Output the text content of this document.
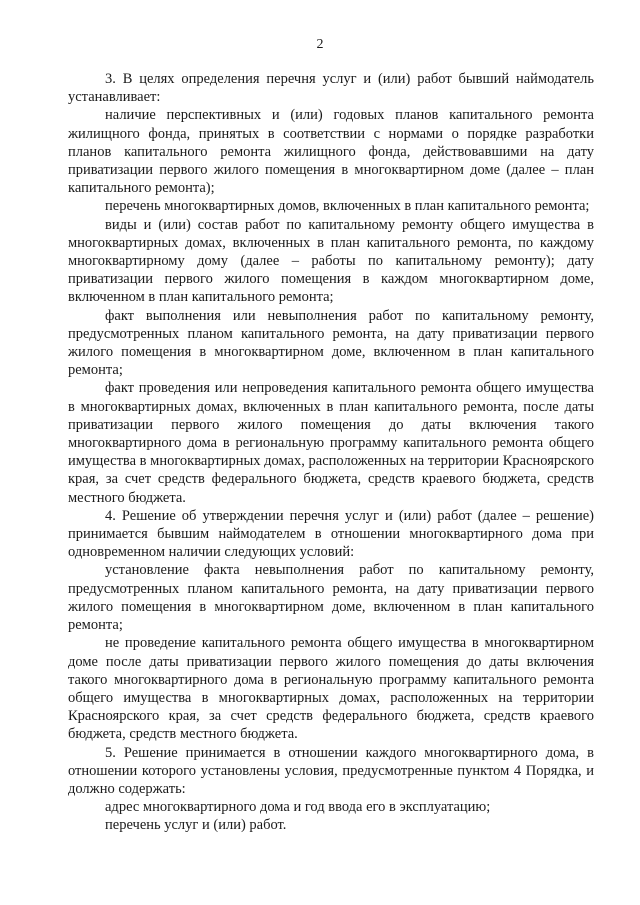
2

3. В целях определения перечня услуг и (или) работ бывший наймодатель устанавливает:

наличие перспективных и (или) годовых планов капитального ремонта жилищного фонда, принятых в соответствии с нормами о порядке разработки планов капитального ремонта жилищного фонда, действовавшими на дату приватизации первого жилого помещения в многоквартирном доме (далее – план капитального ремонта);

перечень многоквартирных домов, включенных в план капитального ремонта;

виды и (или) состав работ по капитальному ремонту общего имущества в многоквартирных домах, включенных в план капитального ремонта, по каждому многоквартирному дому (далее – работы по капитальному ремонту); дату приватизации первого жилого помещения в каждом многоквартирном доме, включенном в план капитального ремонта;

факт выполнения или невыполнения работ по капитальному ремонту, предусмотренных планом капитального ремонта, на дату приватизации первого жилого помещения в многоквартирном доме, включенном в план капитального ремонта;

факт проведения или непроведения капитального ремонта общего имущества в многоквартирных домах, включенных в план капитального ремонта, после даты приватизации первого жилого помещения до даты включения такого многоквартирного дома в региональную программу капитального ремонта общего имущества в многоквартирных домах, расположенных на территории Красноярского края, за счет средств федерального бюджета, средств краевого бюджета, средств местного бюджета.

4. Решение об утверждении перечня услуг и (или) работ (далее – решение) принимается бывшим наймодателем в отношении многоквартирного дома при одновременном наличии следующих условий:

установление факта невыполнения работ по капитальному ремонту, предусмотренных планом капитального ремонта, на дату приватизации первого жилого помещения в многоквартирном доме, включенном в план капитального ремонта;

не проведение капитального ремонта общего имущества в многоквартирном доме после даты приватизации первого жилого помещения до даты включения такого многоквартирного дома в региональную программу капитального ремонта общего имущества в многоквартирных домах, расположенных на территории Красноярского края, за счет средств федерального бюджета, средств краевого бюджета, средств местного бюджета.

5. Решение принимается в отношении каждого многоквартирного дома, в отношении которого установлены условия, предусмотренные пунктом 4 Порядка, и должно содержать:

адрес многоквартирного дома и год ввода его в эксплуатацию;

перечень услуг и (или) работ.
